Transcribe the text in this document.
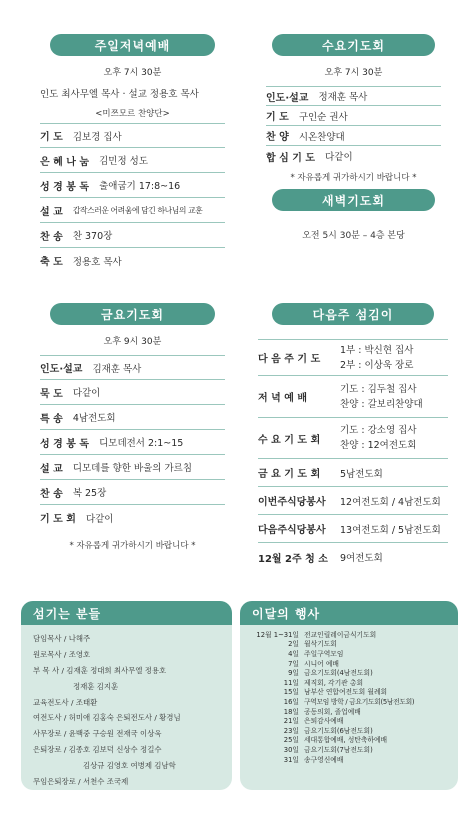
주일저녁예배
오후 7시 30분
인도 최사무엘 목사 · 설교 정용호 목사
<미쯔모르 찬양단>
기 도 김보경 집사
은 혜 나 눔 김민정 성도
성 경 봉 독 출애굽기 17:8~16
설 교 갑작스러운 어려움에 담긴 하나님의 교훈
찬 송 찬 370장
축 도 정용호 목사
수요기도회
오후 7시 30분
인도·설교 정재훈 목사
기 도 구인순 권사
찬 양 시온찬양대
합 심 기 도 다같이
* 자유롭게 귀가하시기 바랍니다 *
새벽기도회
오전 5시 30분 – 4층 본당
금요기도회
오후 9시 30분
인도·설교 김재훈 목사
묵 도 다같이
특 송 4남전도회
성 경 봉 독 디모데전서 2:1~15
설 교 디모데를 향한 바울의 가르침
찬 송 복 25장
기 도 회 다같이
* 자유롭게 귀가하시기 바랍니다 *
다음주 섬김이
다 음 주 기 도
1부 : 박신현 집사
2부 : 이상욱 장로
저 녁 예 배
기도 : 김두철 집사
찬양 : 갈보리찬양대
수 요 기 도 회
기도 : 강소영 집사
찬양 : 12여전도회
금 요 기 도 회	5남전도회
이번주식당봉사	12여전도회 / 4남전도회
다음주식당봉사	13여전도회 / 5남전도회
12월 2주 청 소	9여전도회
섬기는 분들
담임목사 / 나해주
원로목사 / 조영호
부 목 사 / 김재훈 정대희 최사무엘 정용호
정재훈 김지훈
교육전도사 / 조태환
여전도사 / 허미애 김홍숙 은퇴전도사 / 황경님
사무장로 / 윤백중 구승원 전재국 이상욱
은퇴장로 / 김종호 김보덕 신상수 정길수
김상규 김영호 여병제 김남학
무임은퇴장로 / 서천수 조국제
이달의 행사
12월 1~31일 전교인릴레이금식기도회
2일 월삭기도회
4일 주일구역모임
7일 시니어 예배
9일 금요기도회(4남전도회)
11일 제직회, 각기관 총회
15일 남부산 연합여전도회 월례회
16일 구역모임 방학 / 금요기도회(5남전도회)
18일 공동의회, 졸업예배
21일 은퇴감사예배
23일 금요기도회(6남전도회)
25일 세대통합예배, 성탄축하예배
30일 금요기도회(7남전도회)
31일 송구영신예배
